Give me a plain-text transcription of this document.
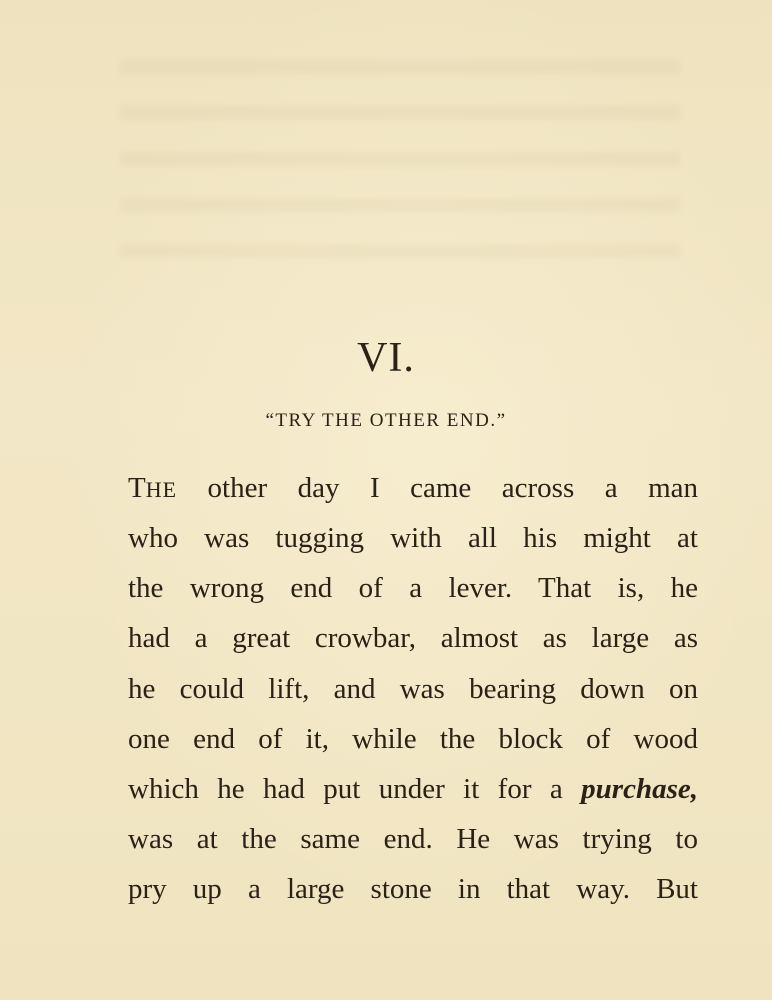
VI.
“TRY THE OTHER END.”
THE other day I came across a man
who was tugging with all his might at
the wrong end of a lever. That is, he
had a great crowbar, almost as large as
he could lift, and was bearing down on
one end of it, while the block of wood
which he had put under it for a purchase,
was at the same end. He was trying to
pry up a large stone in that way. But
